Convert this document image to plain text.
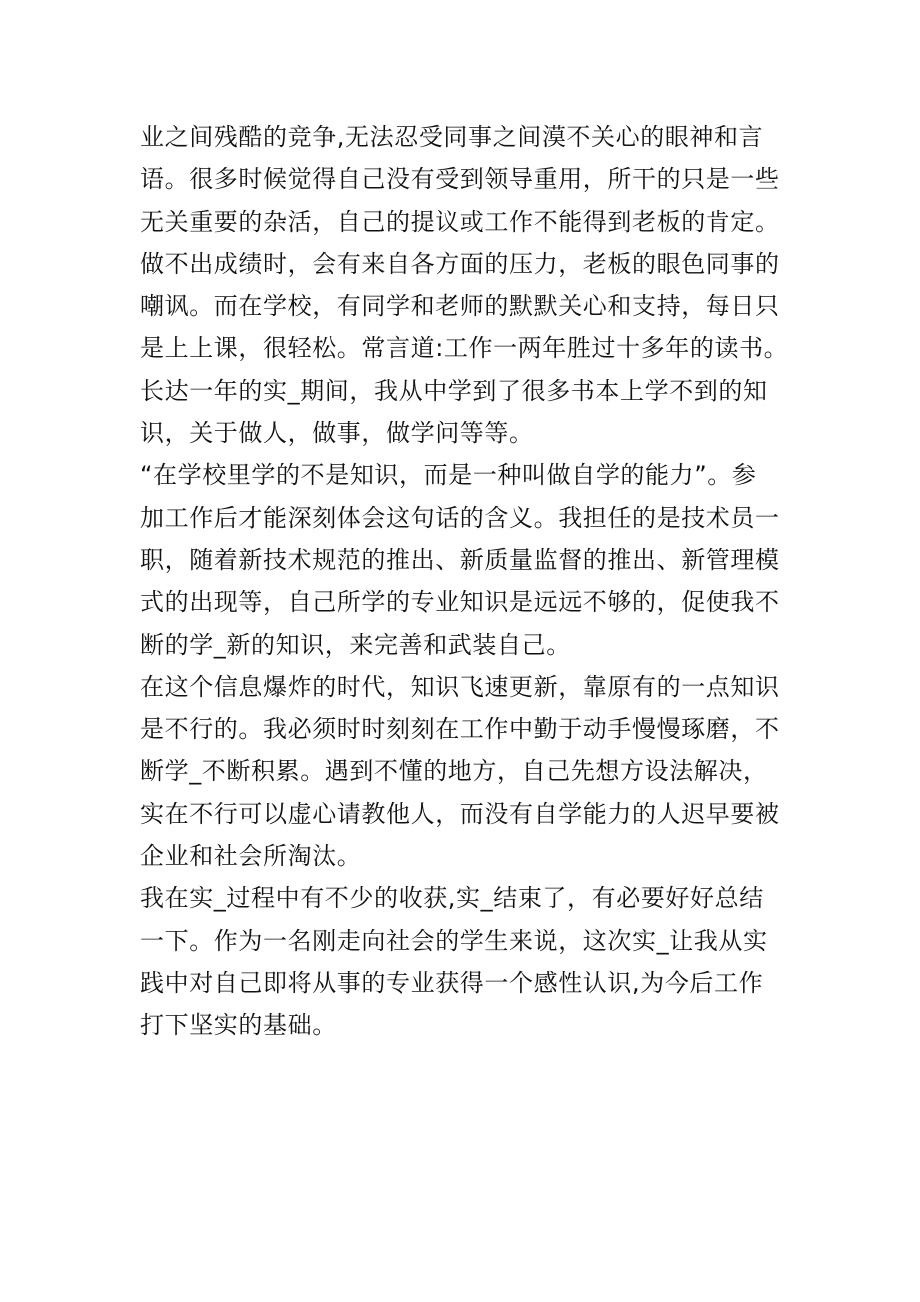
业之间残酷的竞争,无法忍受同事之间漠不关心的眼神和言
语。很多时候觉得自己没有受到领导重用，所干的只是一些
无关重要的杂活，自己的提议或工作不能得到老板的肯定。
做不出成绩时，会有来自各方面的压力，老板的眼色同事的
嘲讽。而在学校，有同学和老师的默默关心和支持，每日只
是上上课，很轻松。常言道:工作一两年胜过十多年的读书。
长达一年的实_期间，我从中学到了很多书本上学不到的知
识，关于做人，做事，做学问等等。
“在学校里学的不是知识，而是一种叫做自学的能力”。参
加工作后才能深刻体会这句话的含义。我担任的是技术员一
职，随着新技术规范的推出、新质量监督的推出、新管理模
式的出现等，自己所学的专业知识是远远不够的，促使我不
断的学_新的知识，来完善和武装自己。
在这个信息爆炸的时代，知识飞速更新，靠原有的一点知识
是不行的。我必须时时刻刻在工作中勤于动手慢慢琢磨，不
断学_不断积累。遇到不懂的地方，自己先想方设法解决，
实在不行可以虚心请教他人，而没有自学能力的人迟早要被
企业和社会所淘汰。
我在实_过程中有不少的收获,实_结束了，有必要好好总结
一下。作为一名刚走向社会的学生来说，这次实_让我从实
践中对自己即将从事的专业获得一个感性认识,为今后工作
打下坚实的基础。
